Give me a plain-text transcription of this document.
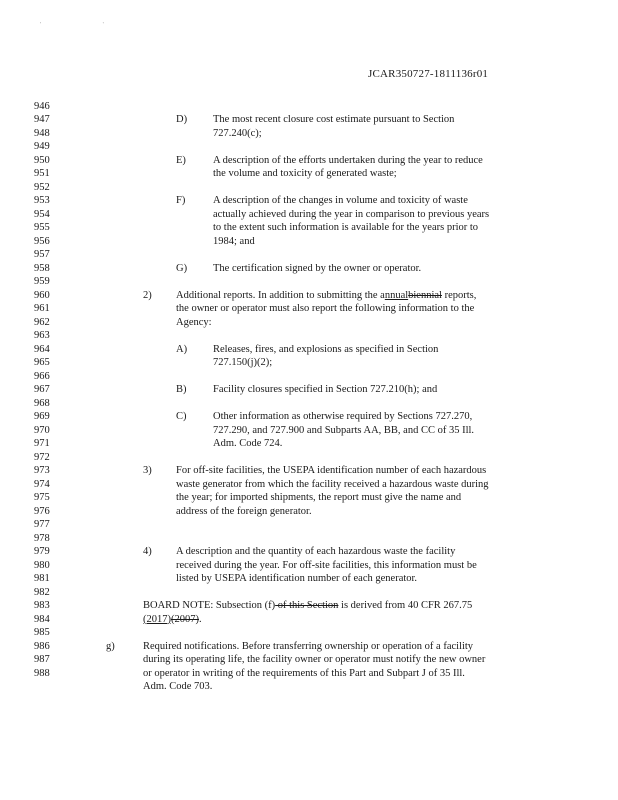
' '
JCAR350727-1811136r01
946
947
948
949
950
951
952
953
954
955
956
957
958
959
960
961
962
963
964
965
966
967
968
969
970
971
972
973
974
975
976
977
978
979
980
981
982
983
984
985
986
987
988
D) The most recent closure cost estimate pursuant to Section
727.240(c);
E)	A description of the efforts undertaken during the year to reduce
the volume and toxicity of generated waste;
F)	A description of the changes in volume and toxicity of waste
actually achieved during the year in comparison to previous years
to the extent such information is available for the years prior to
1984; and
G) The certification signed by the owner or operator.
2) Additional reports. In addition to submitting the annualbiennial reports,
the owner or operator must also report the following information to the
Agency:
A) Releases, fires, and explosions as specified in Section
727.150(j)(2);
B)	Facility closures specified in Section 727.210(h); and
C)	Other information as otherwise required by Sections 727.270,
727.290, and 727.900 and Subparts AA, BB, and CC of 35 Ill.
Adm. Code 724.
3) For off-site facilities, the USEPA identification number of each hazardous
waste generator from which the facility received a hazardous waste during
the year; for imported shipments, the report must give the name and
address of the foreign generator.
4) A description and the quantity of each hazardous waste the facility
received during the year. For off-site facilities, this information must be
listed by USEPA identification number of each generator.
BOARD NOTE: Subsection (f) of this Section is derived from 40 CFR 267.75
(2017)(2007).
g)	Required notifications. Before transferring ownership or operation of a facility
during its operating life, the facility owner or operator must notify the new owner
or operator in writing of the requirements of this Part and Subpart J of 35 Ill.
Adm. Code 703.
